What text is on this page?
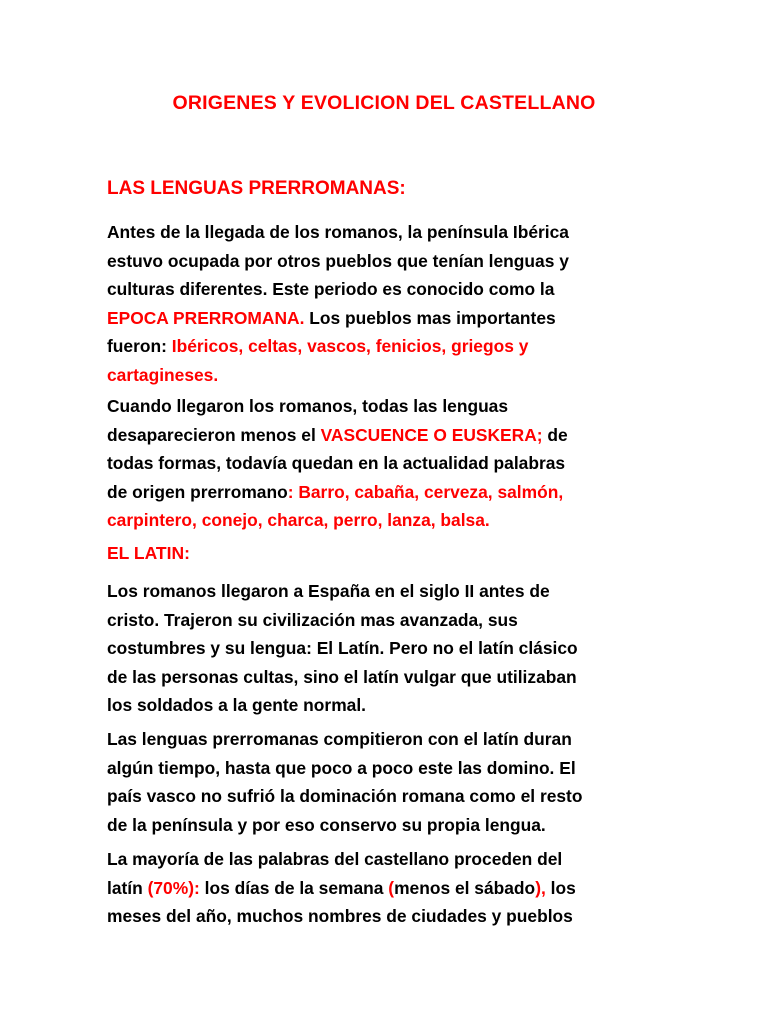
ORIGENES Y EVOLICION DEL CASTELLANO
LAS LENGUAS PRERROMANAS:

Antes de la llegada de los romanos, la península Ibérica
estuvo ocupada por otros pueblos que tenían lenguas y
culturas diferentes. Este periodo es conocido como la
EPOCA PRERROMANA. Los pueblos mas importantes
fueron: Ibéricos, celtas, vascos, fenicios, griegos y
cartagineses.

Cuando llegaron los romanos, todas las lenguas
desaparecieron menos el VASCUENCE O EUSKERA; de
todas formas, todavía quedan en la actualidad palabras
de origen prerromano: Barro, cabaña, cerveza, salmón,
carpintero, conejo, charca, perro, lanza, balsa.

EL LATIN:

Los romanos llegaron a España en el siglo II antes de
cristo. Trajeron su civilización mas avanzada, sus
costumbres y su lengua: El Latín. Pero no el latín clásico
de las personas cultas, sino el latín vulgar que utilizaban
los soldados a la gente normal.

Las lenguas prerromanas compitieron con el latín duran
algún tiempo, hasta que poco a poco este las domino. El
país vasco no sufrió la dominación romana como el resto
de la península y por eso conservo su propia lengua.

La mayoría de las palabras del castellano proceden del
latín (70%): los días de la semana (menos el sábado), los
meses del año, muchos nombres de ciudades y pueblos
